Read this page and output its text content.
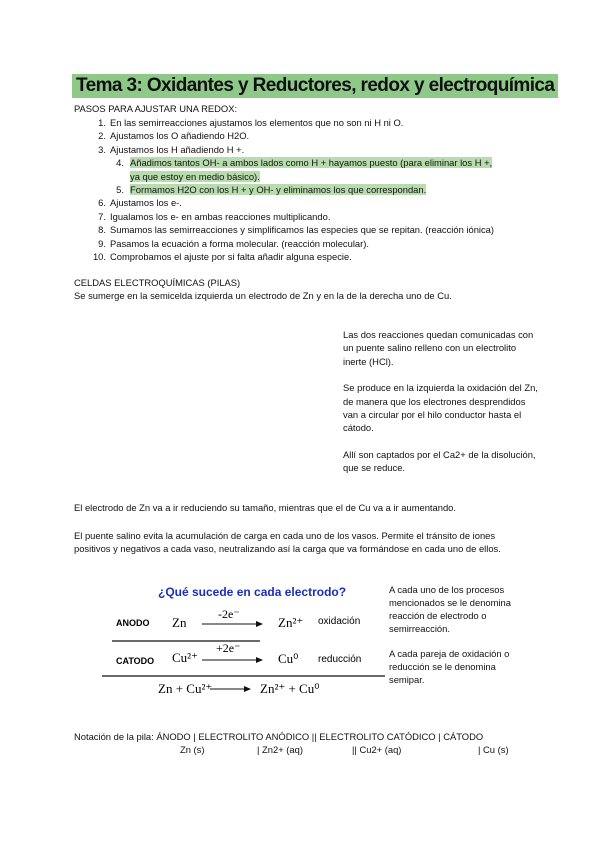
Tema 3: Oxidantes y Reductores, redox y electroquímica
PASOS PARA AJUSTAR UNA REDOX:
1. En las semirreacciones ajustamos los elementos que no son ni H ni O.
2. Ajustamos los O añadiendo H2O.
3. Ajustamos los H añadiendo H +.
4. Añadimos tantos OH- a ambos lados como H + hayamos puesto (para eliminar los H +,
ya que estoy en medio básico).
5. Formamos H2O con los H + y OH- y eliminamos los que correspondan.
6. Ajustamos los e-.
7. Igualamos los e- en ambas reacciones multiplicando.
8. Sumamos las semirreacciones y simplificamos las especies que se repitan. (reacción iónica)
9. Pasamos la ecuación a forma molecular. (reacción molecular).
10. Comprobamos el ajuste por si falta añadir alguna especie.
CELDAS ELECTROQUÍMICAS (PILAS)
Se sumerge en la semicelda izquierda un electrodo de Zn y en la de la derecha uno de Cu.

Las dos reacciones quedan comunicadas con un puente salino relleno con un electrolito inerte (HCl).

Se produce en la izquierda la oxidación del Zn, de manera que los electrones desprendidos van a circular por el hilo conductor hasta el cátodo.

Allí son captados por el Ca2+ de la disolución, que se reduce.

El electrodo de Zn va a ir reduciendo su tamaño, mientras que el de Cu va a ir aumentando.
El puente salino evita la acumulación de carga en cada uno de los vasos. Permite el tránsito de iones positivos y negativos a cada vaso, neutralizando así la carga que va formándose en cada uno de ellos.
¿Qué sucede en cada electrodo?
ANODO Zn
-2e⁻
Zn²⁺ oxidación
CATODO Cu²⁺
+2e⁻
Cu⁰ reducción
Zn + Cu²⁺	Zn²⁺ + Cu⁰

A cada uno de los procesos mencionados se le denomina reacción de electrodo o semirreacción.

A cada pareja de oxidación o reducción se le denomina semipar.

Notación de la pila: ÁNODO | ELECTROLITO ANÓDICO || ELECTROLITO CATÓDICO | CÁTODO
Zn (s)	| Zn2+ (aq)	|| Cu2+ (aq)	| Cu (s)
